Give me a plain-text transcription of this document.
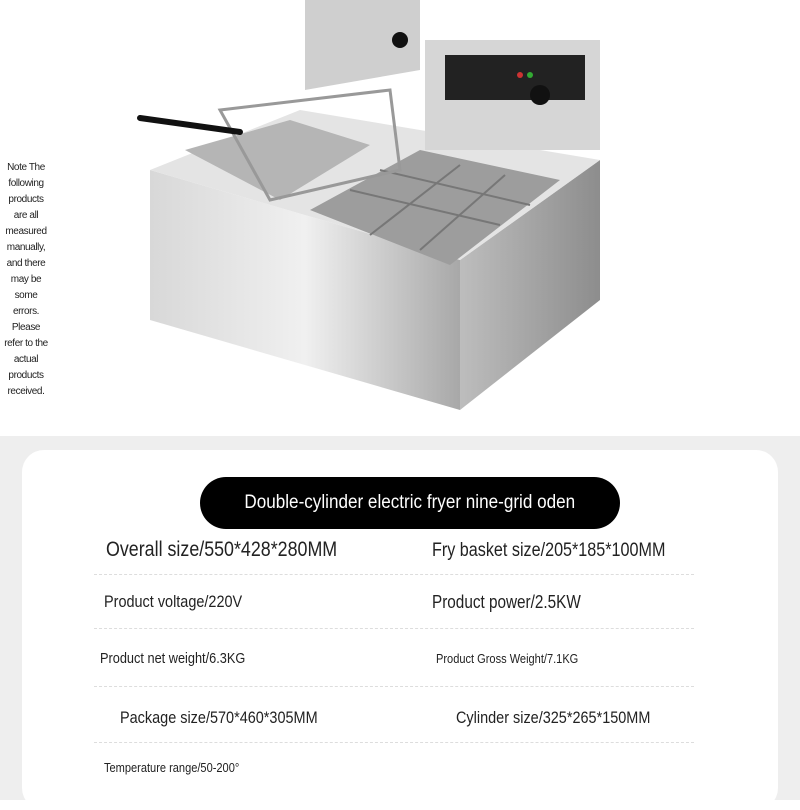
Note The following products are all measured manually, and there may be some errors. Please refer to the actual products received.
Double-cylinder electric fryer nine-grid oden
Overall size/550*428*280MM	Fry basket size/205*185*100MM
Product voltage/220V	Product power/2.5KW
Product net weight/6.3KG	Product Gross Weight/7.1KG
Package size/570*460*305MM	Cylinder size/325*265*150MM
Temperature range/50-200°
